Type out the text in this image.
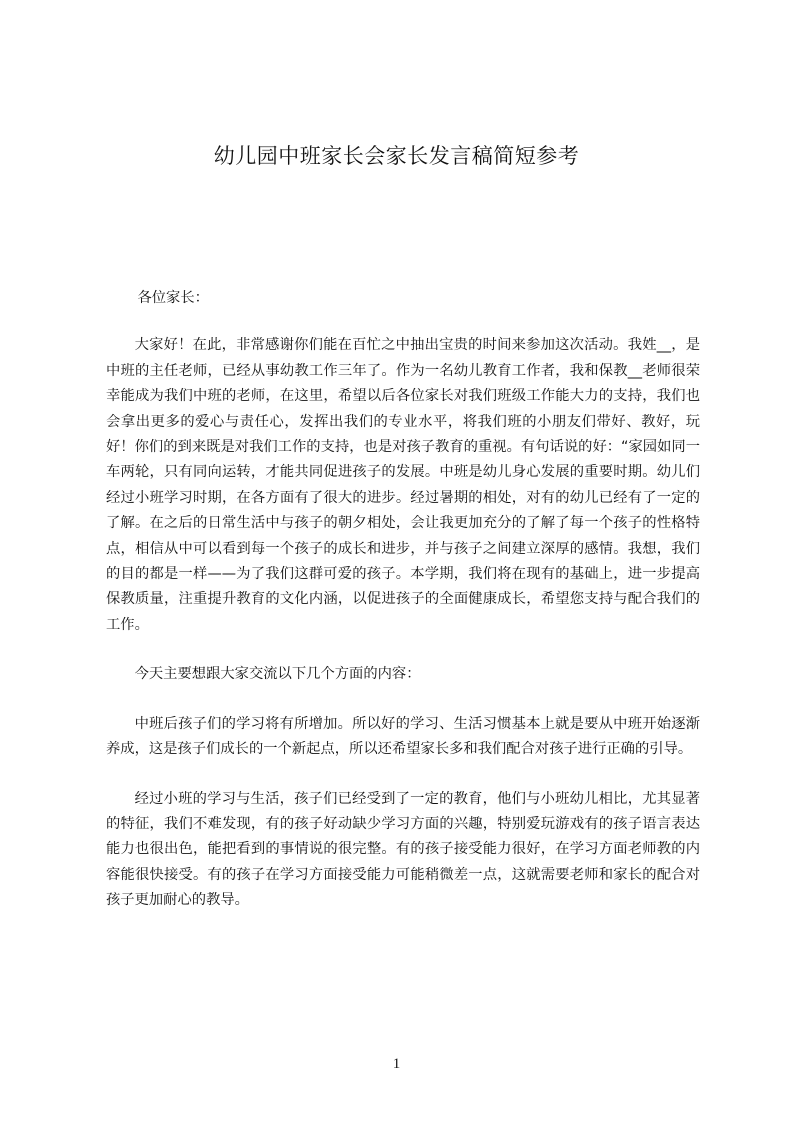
幼儿园中班家长会家长发言稿简短参考

各位家长：

大家好！在此，非常感谢你们能在百忙之中抽出宝贵的时间来参加这次活动。我姓__，是中班的主任老师，已经从事幼教工作三年了。作为一名幼儿教育工作者，我和保教__老师很荣幸能成为我们中班的老师，在这里，希望以后各位家长对我们班级工作能大力的支持，我们也会拿出更多的爱心与责任心，发挥出我们的专业水平，将我们班的小朋友们带好、教好，玩好！你们的到来既是对我们工作的支持，也是对孩子教育的重视。有句话说的好：“家园如同一车两轮，只有同向运转，才能共同促进孩子的发展。中班是幼儿身心发展的重要时期。幼儿们经过小班学习时期，在各方面有了很大的进步。经过暑期的相处，对有的幼儿已经有了一定的了解。在之后的日常生活中与孩子的朝夕相处，会让我更加充分的了解了每一个孩子的性格特点，相信从中可以看到每一个孩子的成长和进步，并与孩子之间建立深厚的感情。我想，我们的目的都是一样——为了我们这群可爱的孩子。本学期，我们将在现有的基础上，进一步提高保教质量，注重提升教育的文化内涵，以促进孩子的全面健康成长，希望您支持与配合我们的工作。

今天主要想跟大家交流以下几个方面的内容：

中班后孩子们的学习将有所增加。所以好的学习、生活习惯基本上就是要从中班开始逐渐养成，这是孩子们成长的一个新起点，所以还希望家长多和我们配合对孩子进行正确的引导。

经过小班的学习与生活，孩子们已经受到了一定的教育，他们与小班幼儿相比，尤其显著的特征，我们不难发现，有的孩子好动缺少学习方面的兴趣，特别爱玩游戏有的孩子语言表达能力也很出色，能把看到的事情说的很完整。有的孩子接受能力很好，在学习方面老师教的内容能很快接受。有的孩子在学习方面接受能力可能稍微差一点，这就需要老师和家长的配合对孩子更加耐心的教导。

1
